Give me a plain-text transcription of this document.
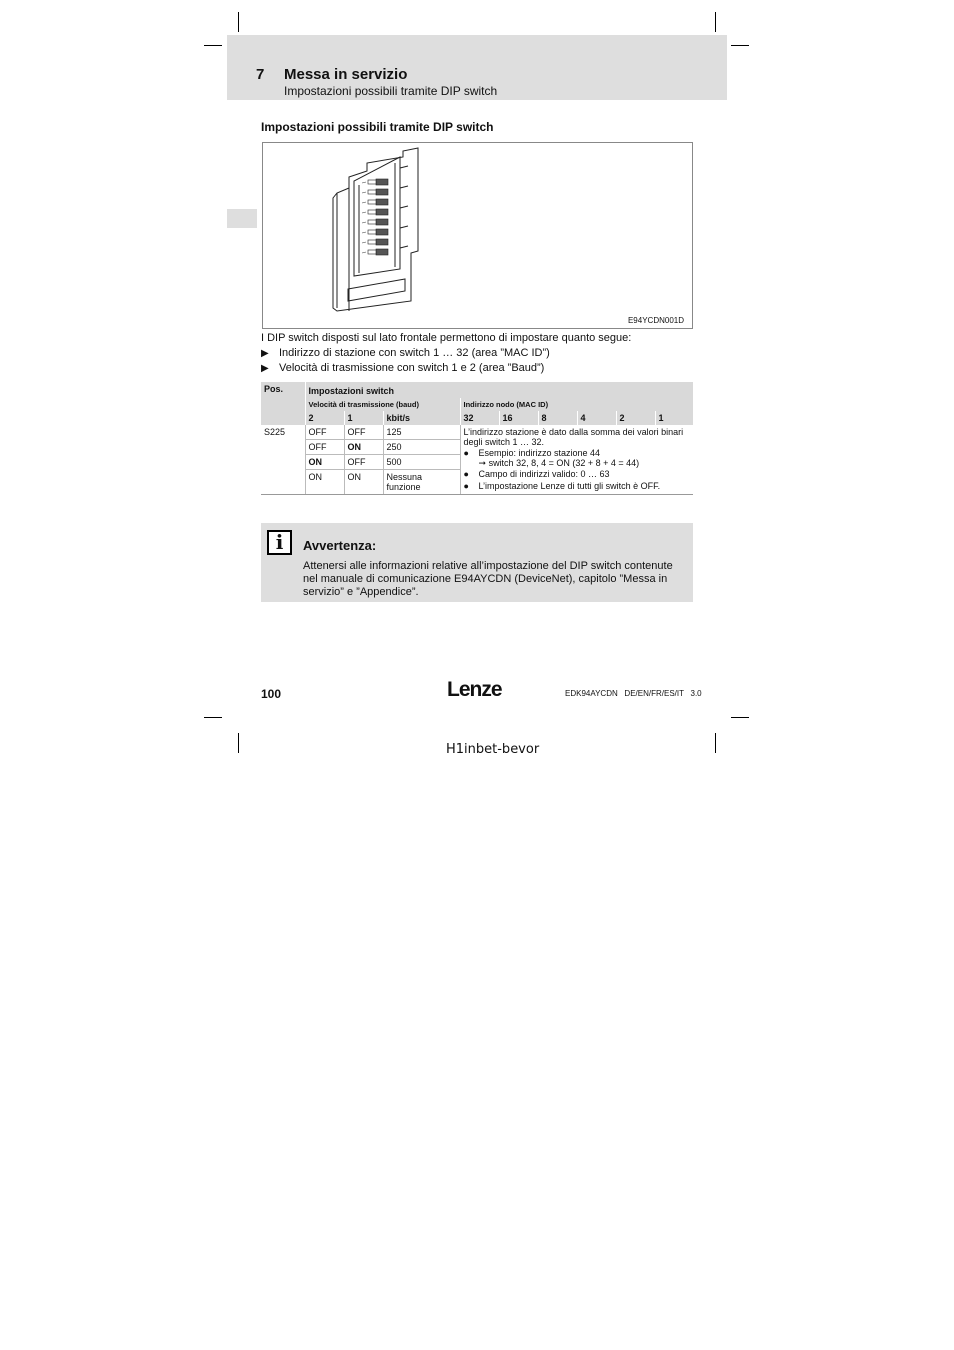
7 Messa in servizio
Impostazioni possibili tramite DIP switch
Impostazioni possibili tramite DIP switch
E94YCDN001D
I DIP switch disposti sul lato frontale permettono di impostare quanto segue:
▶ Indirizzo di stazione con switch 1 … 32 (area ”MAC ID”)
▶ Velocità di trasmissione con switch 1 e 2 (area ”Baud”)
Pos.	Impostazioni switch								
	Velocità di trasmissione (baud)			Indirizzo nodo (MAC ID)					
	2	1	kbit/s	32	16	8	4	2	1
S225	OFF	OFF	125	L’indirizzo stazione è dato dalla somma dei valori binari degli switch 1 … 32.
● Esempio: indirizzo stazione 44
➞ switch 32, 8, 4 = ON (32 + 8 + 4 = 44)
● Campo di indirizzi valido: 0 … 63
● L’impostazione Lenze di tutti gli switch è OFF.					

	OFF	ON	250						
	ON	OFF	500						
	ON	ON	Nessuna funzione						
i	Avvertenza:
Attenersi alle informazioni relative all’impostazione del DIP switch contenute nel manuale di comunicazione E94AYCDN (DeviceNet), capitolo ”Messa in servizio” e ”Appendice”.
100	Lenze	EDK94AYCDN   DE/EN/FR/ES/IT   3.0
H1inbet-bevor
